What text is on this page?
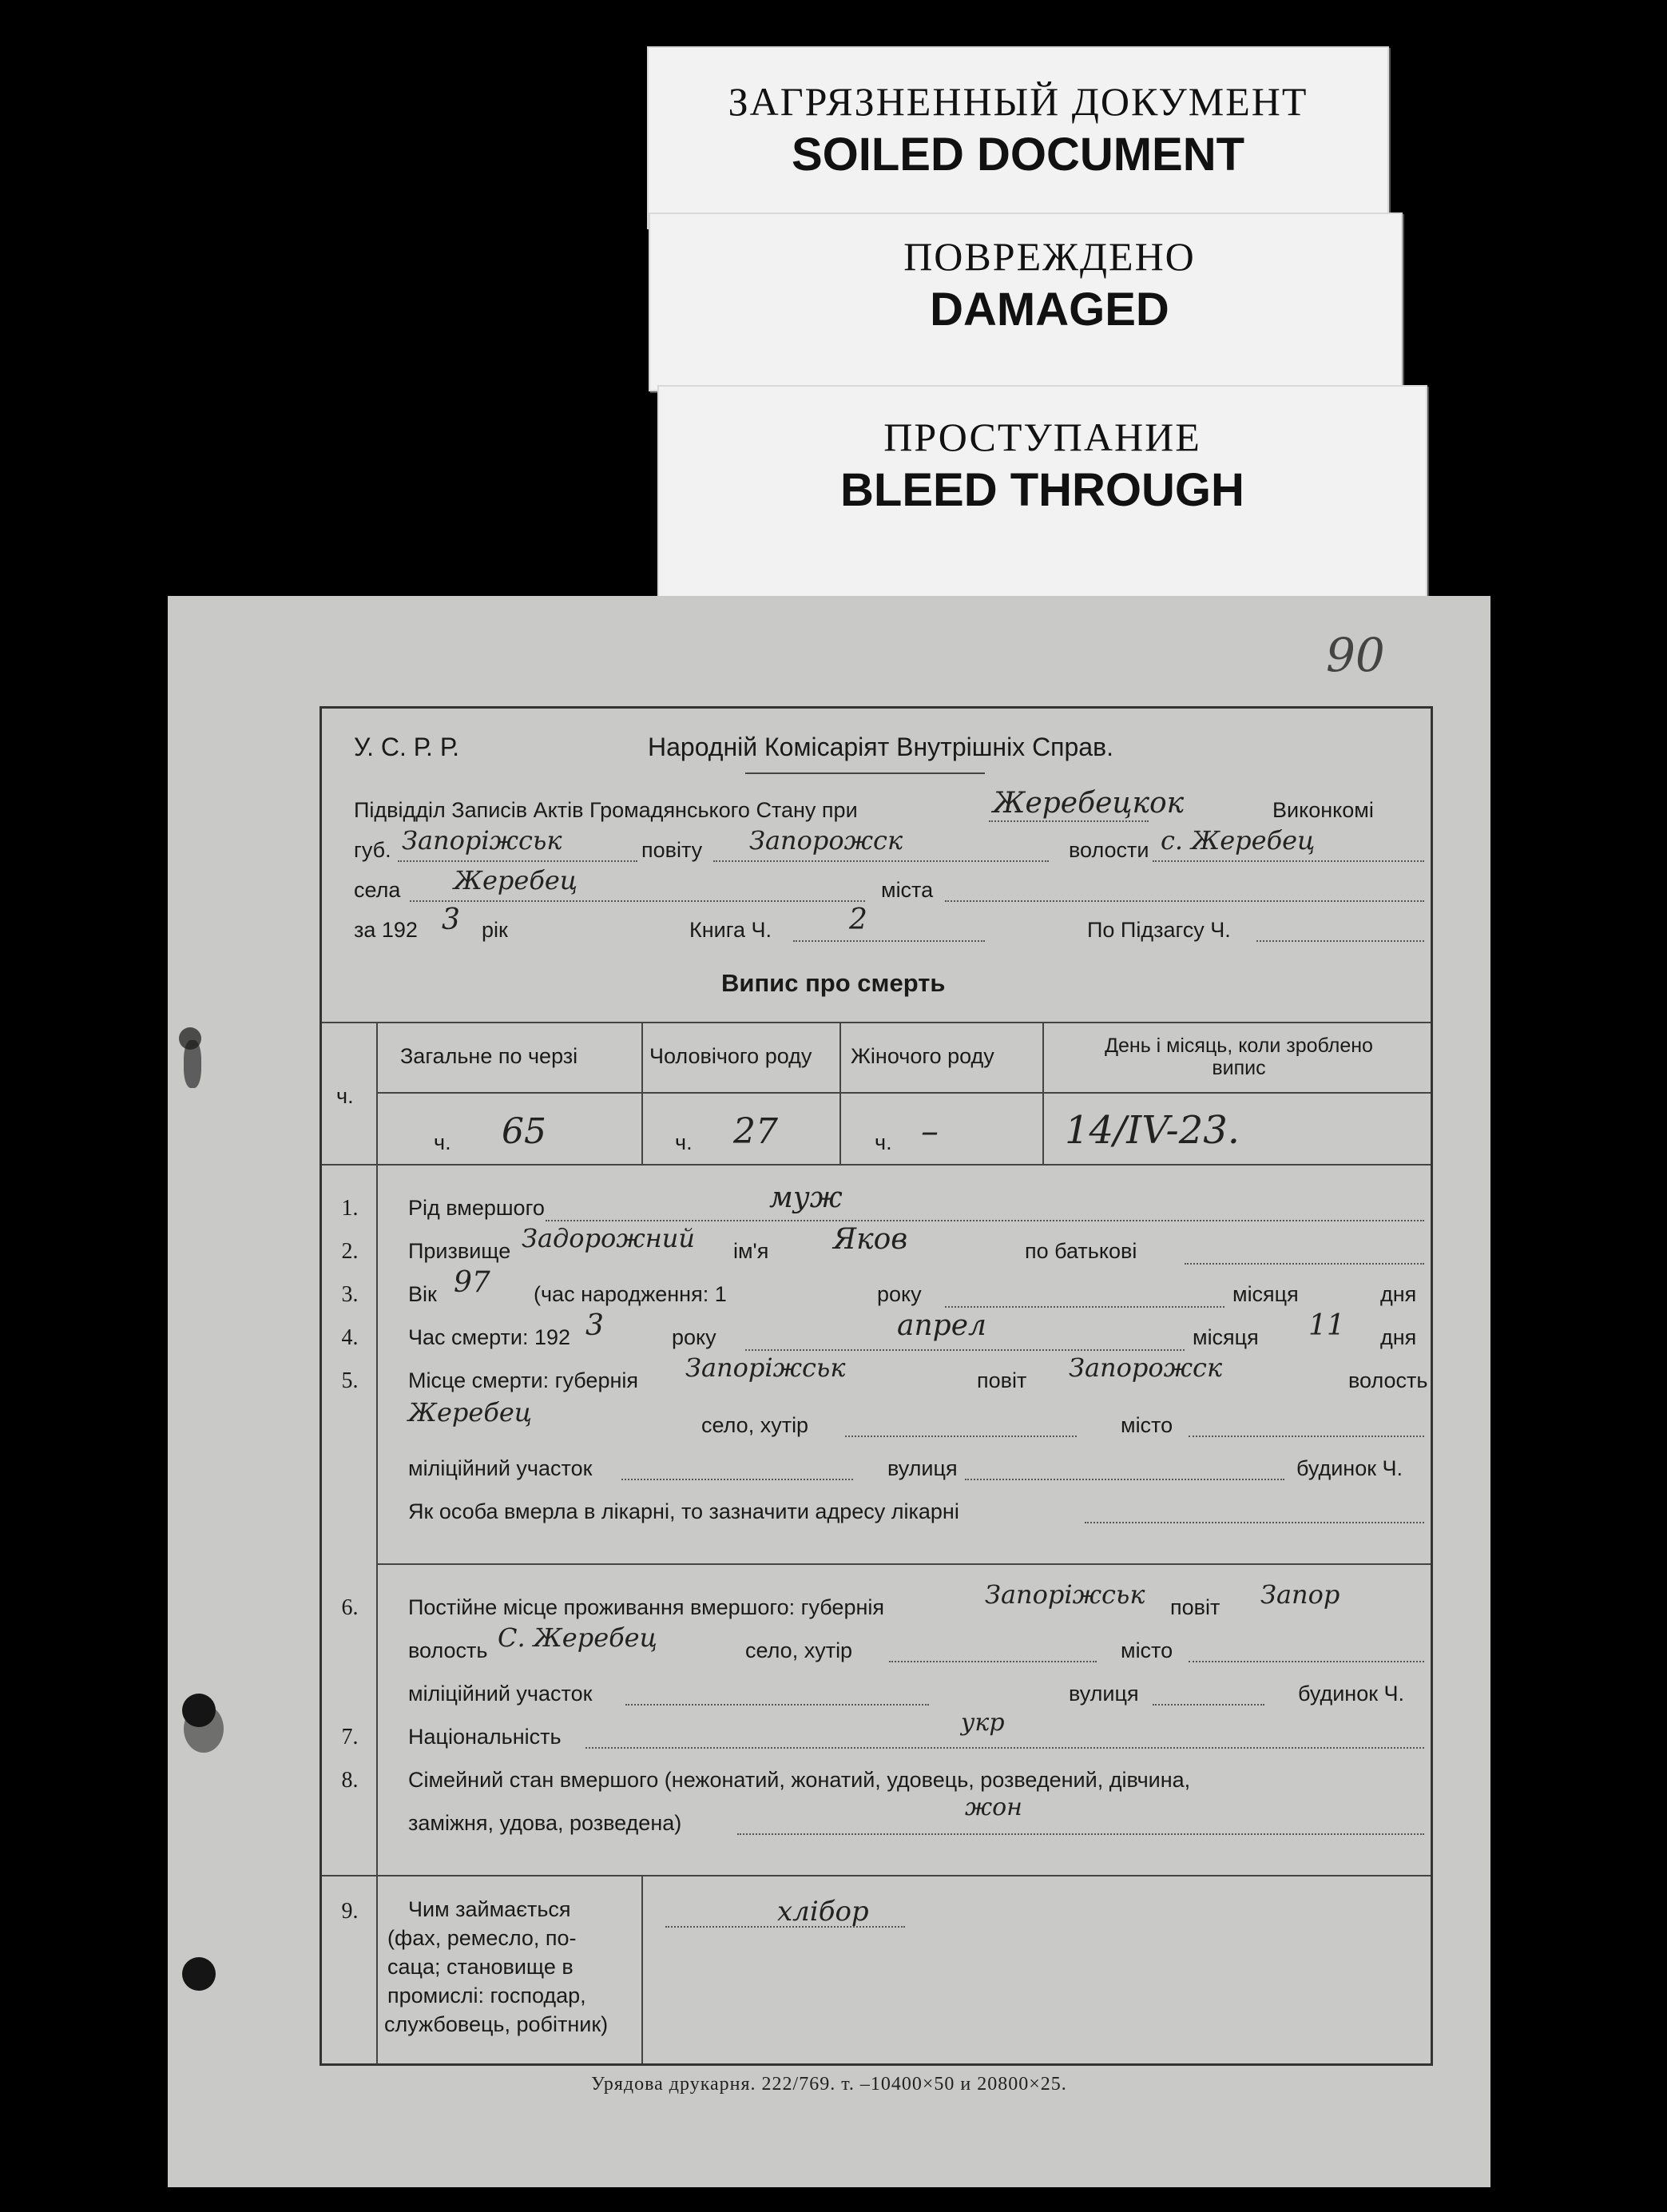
ЗАГРЯЗНЕННЫЙ ДОКУМЕНТ
SOILED DOCUMENT
ПОВРЕЖДЕНО
DAMAGED
ПРОСТУПАНИЕ
BLEED THROUGH
90
У. С. Р. Р.	Народній Комісаріят Внутрішніх Справ.
Підвідділ Записів Актів Громадянського Стану при	Жеребецкок	Виконкомі
губ. Запоріжськ	повіту Запорожск	волости с. Жеребец
села Жеребец	міста
за 192 3 рік	Книга Ч.	2	По Підзагсу Ч.
Випис про смерть
ч.
Загальне по черзі	Чоловічого роду Жіночого роду	День і місяць, коли зроблено випис
ч. 65	ч. 27	ч. –	14/IV-23.
1.	Рід вмершого	муж
2.	Призвище Задорожний ім'я Яков	по батькові
3.	Вік 97 (час народження: 1	року	місяця	дня
4.	Час смерти: 192 3	року	апрел	місяця 11 дня
5.	Місце смерти: губернія Запоріжськ	повіт Запорожск	волость
Жеребец	село, хутір	місто
міліційний участок	вулиця	будинок Ч.
Як особа вмерла в лікарні, то зазначити адресу лікарні
6.	Постійне місце проживання вмершого: губернія	Запоріжськ повіт Запор
волость С. Жеребец	село, хутір	місто
міліційний участок	вулиця	будинок Ч.
7.	Національність	укр
8.	Сімейний стан вмершого (нежонатий, жонатий, удовець, розведений, дівчина,
заміжня, удова, розведена)
жон
9.	Чим займається
(фах, ремесло, по-
саца; становище в
промислі: господар,
службовець, робітник)
хлібор
Урядова друкарня. 222/769. т. –10400×50 и 20800×25.
